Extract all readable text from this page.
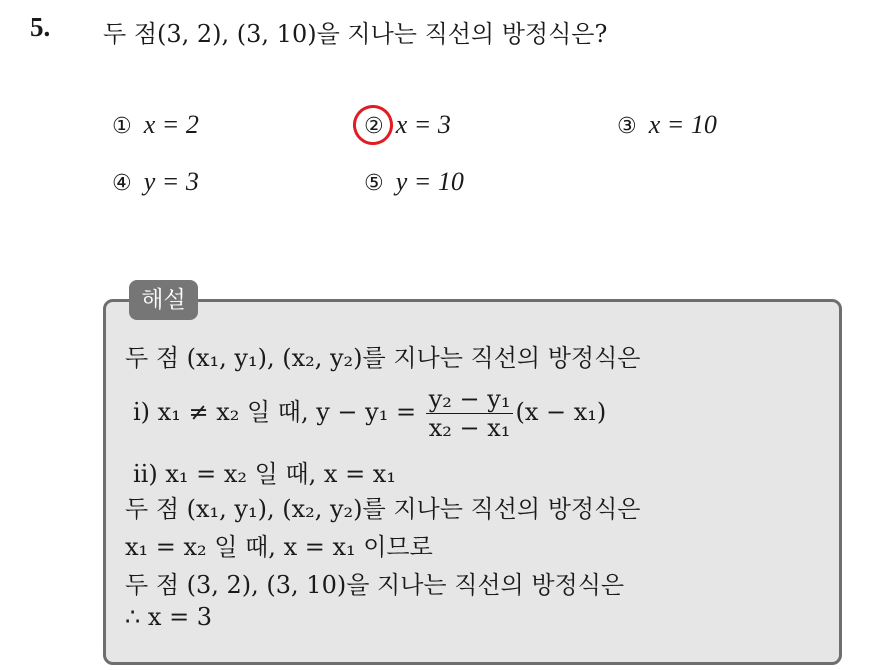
5. 두 점(3, 2), (3, 10)을 지나는 직선의 방정식은?
① x = 2	② x = 3	③ x = 10
④ y = 3	⑤ y = 10
해설
두 점 (x₁, y₁), (x₂, y₂)를 지나는 직선의 방정식은
ⅰ) x₁ ≠ x₂ 일 때, $y - y_1 = \frac{\text{y₂ − y₁}}{\text{x₂ − x₁}} (x - x_1)$
ⅱ) x₁ = x₂ 일 때, x = x₁
두 점 (x₁, y₁), (x₂, y₂)를 지나는 직선의 방정식은
x₁ = x₂ 일 때, x = x₁ 이므로
두 점 (3, 2), (3, 10)을 지나는 직선의 방정식은
∴ x = 3
